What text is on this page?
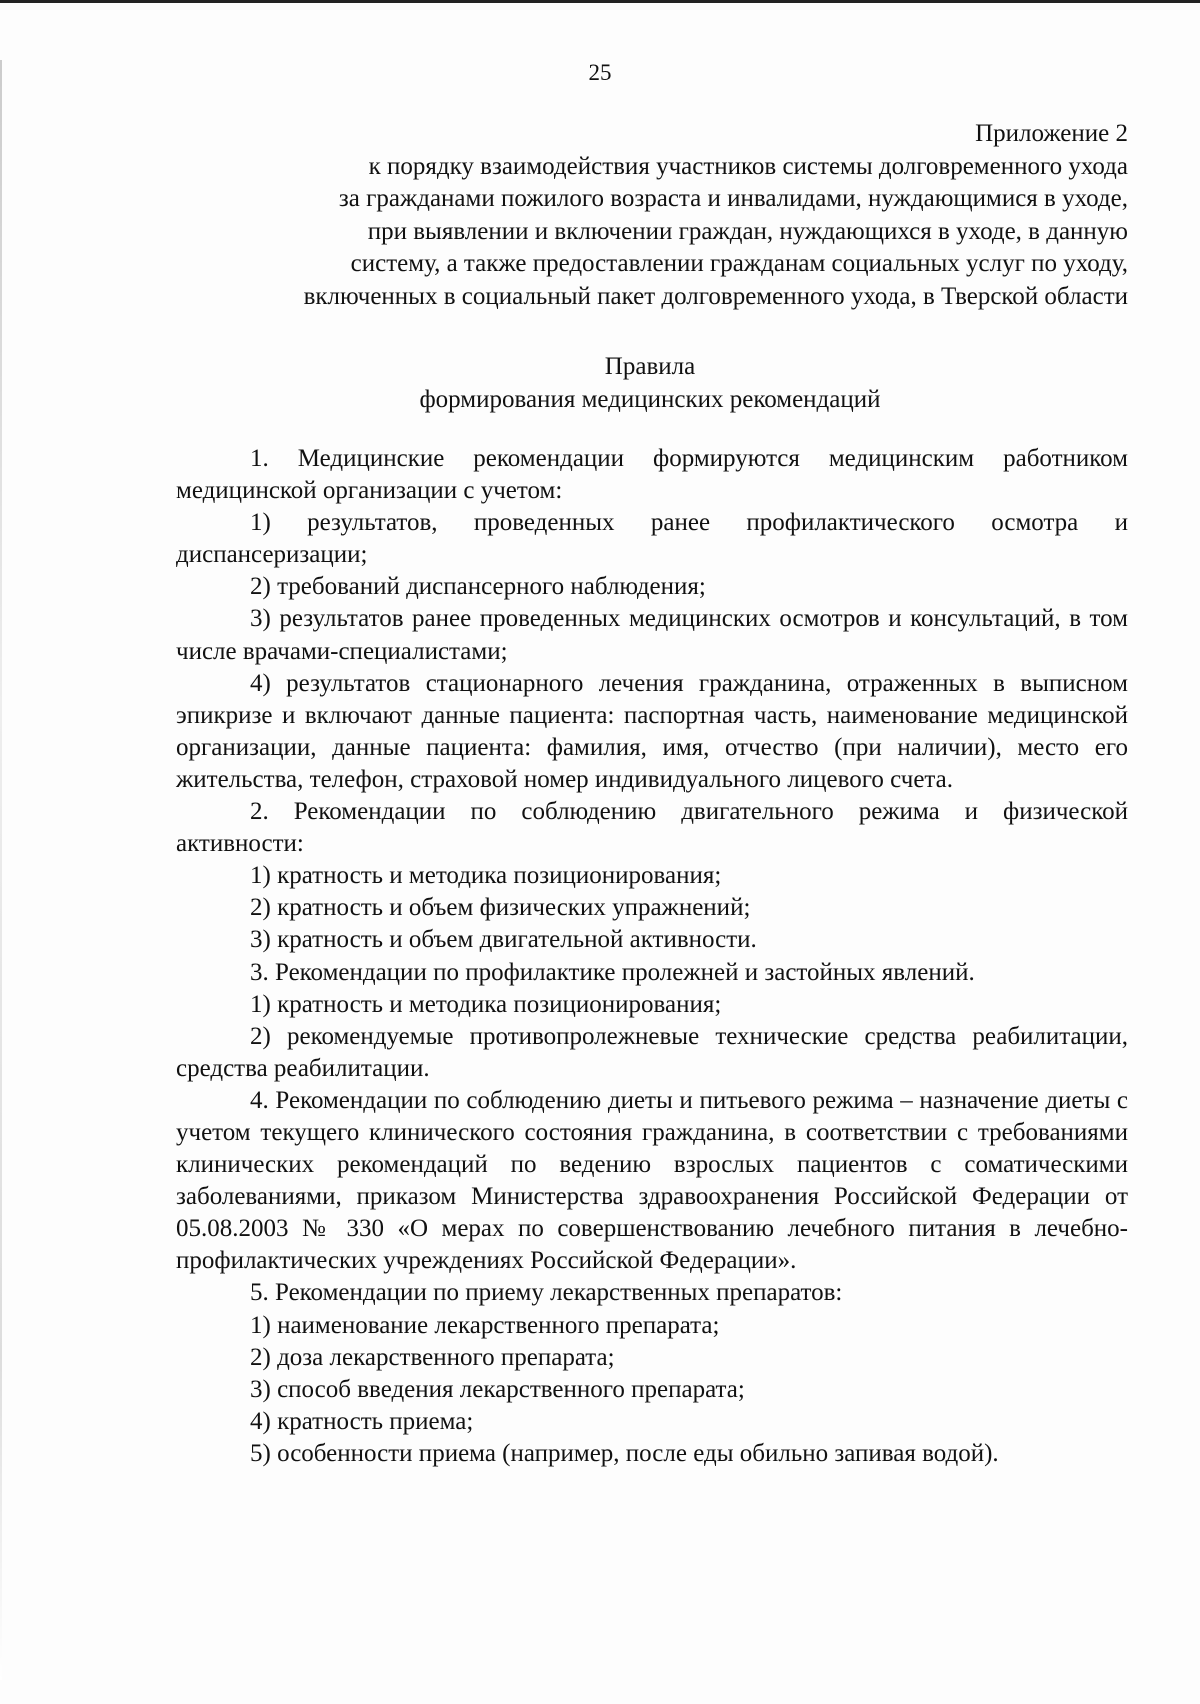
25
Приложение 2
к порядку взаимодействия участников системы долговременного ухода
за гражданами пожилого возраста и инвалидами, нуждающимися в уходе,
при выявлении и включении граждан, нуждающихся в уходе, в данную
систему, а также предоставлении гражданам социальных услуг по уходу,
включенных в социальный пакет долговременного ухода, в Тверской области
Правила
формирования медицинских рекомендаций

1. Медицинские рекомендации формируются медицинским работником медицинской организации с учетом:

1) результатов, проведенных ранее профилактического осмотра и диспансеризации;

2) требований диспансерного наблюдения;

3) результатов ранее проведенных медицинских осмотров и консультаций, в том числе врачами-специалистами;

4) результатов стационарного лечения гражданина, отраженных в выписном эпикризе и включают данные пациента: паспортная часть, наименование медицинской организации, данные пациента: фамилия, имя, отчество (при наличии), место его жительства, телефон, страховой номер индивидуального лицевого счета.

2. Рекомендации по соблюдению двигательного режима и физической активности:

1) кратность и методика позиционирования;

2) кратность и объем физических упражнений;

3) кратность и объем двигательной активности.

3. Рекомендации по профилактике пролежней и застойных явлений.

1) кратность и методика позиционирования;

2) рекомендуемые противопролежневые технические средства реабилитации, средства реабилитации.

4. Рекомендации по соблюдению диеты и питьевого режима – назначение диеты с учетом текущего клинического состояния гражданина, в соответствии с требованиями клинических рекомендаций по ведению взрослых пациентов с соматическими заболеваниями, приказом Министерства здравоохранения Российской Федерации от 05.08.2003 № 330 «О мерах по совершенствованию лечебного питания в лечебно-профилактических учреждениях Российской Федерации».

5. Рекомендации по приему лекарственных препаратов:

1) наименование лекарственного препарата;

2) доза лекарственного препарата;

3) способ введения лекарственного препарата;

4) кратность приема;

5) особенности приема (например, после еды обильно запивая водой).
